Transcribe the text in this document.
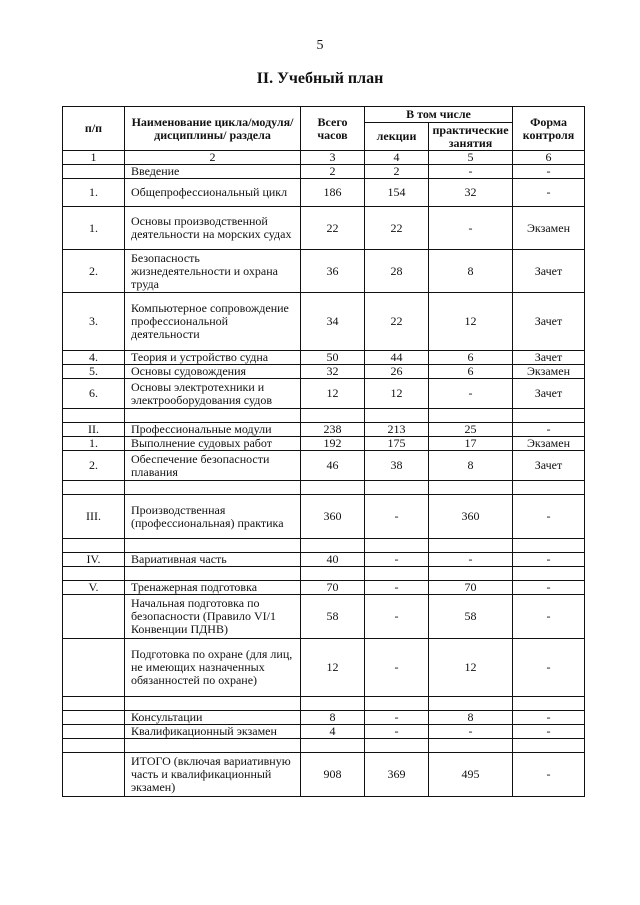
5
II. Учебный план
п/п	Наименование цикла/модуля/дисциплины/ раздела	Всего часов	В том числе		Форма контроля
			лекции	практические занятия	
1	2	3	4	5	6
	Введение	2	2	-	-
1.	Общепрофессиональный цикл	186	154	32	-
1.	Основы производственной деятельности на морских судах	22	22	-	Экзамен
2.	Безопасность жизнедеятельности и охрана труда	36	28	8	Зачет
3.	Компьютерное сопровождение профессиональной деятельности	34	22	12	Зачет
4.	Теория и устройство судна	50	44	6	Зачет
5.	Основы судовождения	32	26	6	Экзамен
6.	Основы электротехники и электрооборудования судов	12	12	-	Зачет

II.	Профессиональные модули	238	213	25	-
1.	Выполнение судовых работ	192	175	17	Экзамен
2.	Обеспечение безопасности плавания	46	38	8	Зачет

III.	Производственная (профессиональная) практика	360	-	360	-

IV.	Вариативная часть	40	-	-	-

V.	Тренажерная подготовка	70	-	70	-
	Начальная подготовка по безопасности (Правило VI/1 Конвенции ПДНВ)	58	-	58	-
	Подготовка по охране (для лиц, не имеющих назначенных обязанностей по охране)	12	-	12	-

	Консультации	8	-	8	-
	Квалификационный экзамен	4	-	-	-

	ИТОГО (включая вариативную часть и квалификационный экзамен)	908	369	495	-
